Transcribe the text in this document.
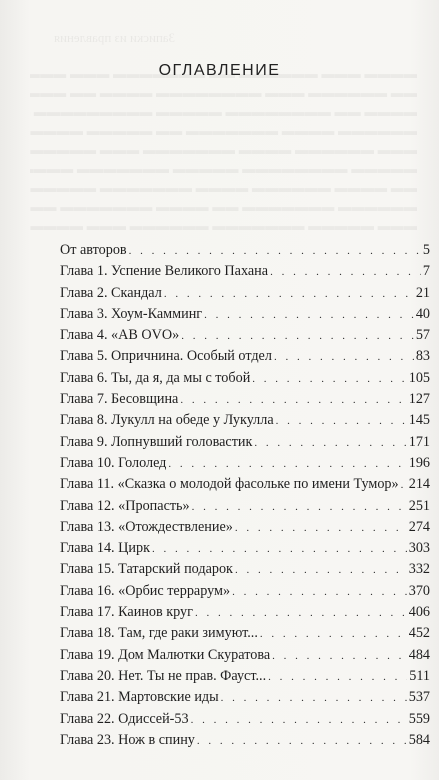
Записки из правления

ОГЛАВЛЕНИЕ
От авторов . . .	5
Глава 1. Успение Великого Пахана . . .	7
Глава 2. Скандал . . .	21
Глава 3. Хоум-Камминг . . .	40
Глава 4. «AB OVO» . . .	57
Глава 5. Опричнина. Особый отдел . . .	83
Глава 6. Ты, да я, да мы с тобой . . .	105
Глава 7. Бесовщина . . .	127
Глава 8. Лукулл на обеде у Лукулла . . .	145
Глава 9. Лопнувший головастик . . .	171
Глава 10. Гололед . . .	196
Глава 11. «Сказка о молодой фасольке по имени Тумор» . . . 214
Глава 12. «Пропасть» . . .	251
Глава 13. «Отождествление» . . .	274
Глава 14. Цирк . . .	303
Глава 15. Татарский подарок . . .	332
Глава 16. «Орбис террарум» . . .	370
Глава 17. Каинов круг . . .	406
Глава 18. Там, где раки зимуют... . . .	452
Глава 19. Дом Малютки Скуратова . . .	484
Глава 20. Нет. Ты не прав. Фауст... . . .	511
Глава 21. Мартовские иды . . .	537
Глава 22. Одиссей-53 . . .	559
Глава 23. Нож в спину . . .	584
